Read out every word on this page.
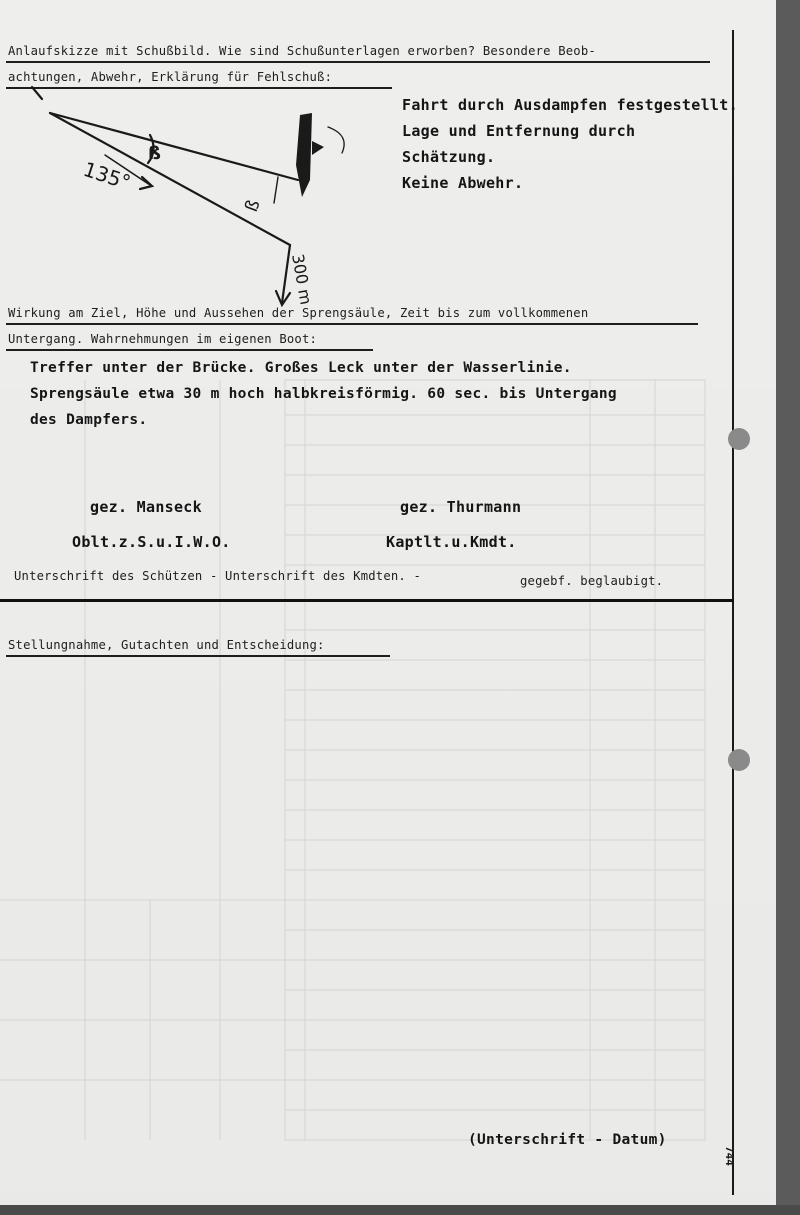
Anlaufskizze mit Schußbild. Wie sind Schußunterlagen erworben? Besondere Beob-
achtungen, Abwehr, Erklärung für Fehlschuß:
135°
ß
ß
300 m
Fahrt durch Ausdampfen festgestellt.
Lage und Entfernung durch
Schätzung.
Keine Abwehr.
Wirkung am Ziel, Höhe und Aussehen der Sprengsäule, Zeit bis zum vollkommenen
Untergang. Wahrnehmungen im eigenen Boot:
Treffer unter der Brücke. Großes Leck unter der Wasserlinie.
Sprengsäule etwa 30 m hoch halbkreisförmig. 60 sec. bis Untergang
des Dampfers.
gez. Manseck	gez. Thurmann
Oblt.z.S.u.I.W.O.	Kaptlt.u.Kmdt.
Unterschrift des Schützen - Unterschrift des Kmdten. -	gegebf. beglaubigt.
Stellungnahme, Gutachten und Entscheidung:
(Unterschrift - Datum)
744
